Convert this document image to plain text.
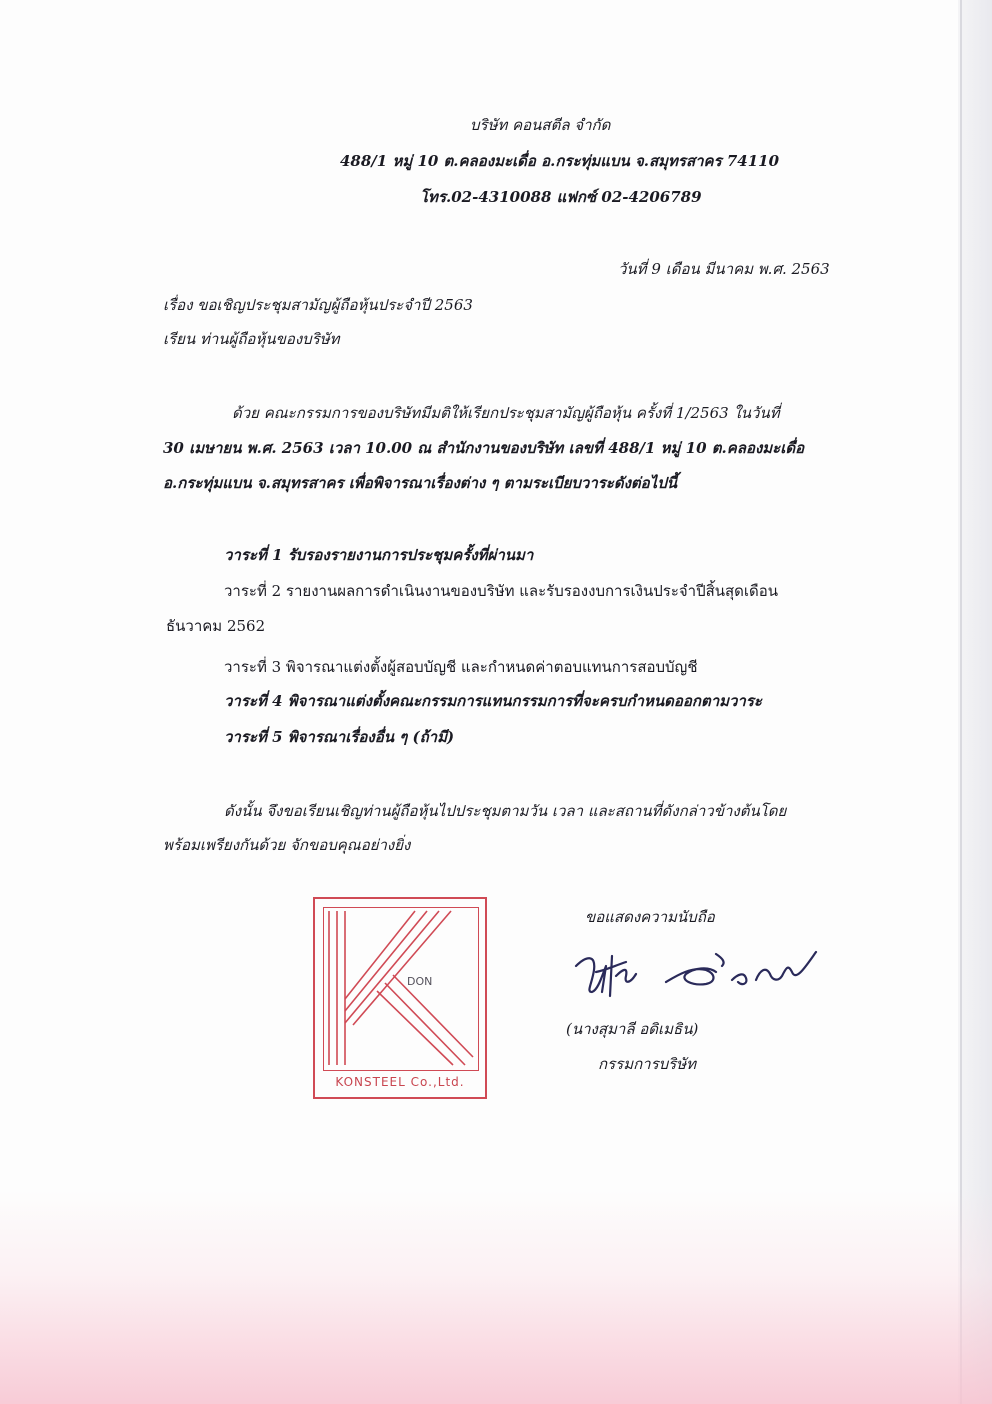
บริษัท คอนสตีล จำกัด
488/1 หมู่ 10 ต.คลองมะเดื่อ อ.กระทุ่มแบน จ.สมุทรสาคร 74110
โทร.02-4310088 แฟกซ์ 02-4206789
วันที่ 9 เดือน มีนาคม พ.ศ. 2563
เรื่อง ขอเชิญประชุมสามัญผู้ถือหุ้นประจำปี 2563
เรียน ท่านผู้ถือหุ้นของบริษัท
ด้วย คณะกรรมการของบริษัทมีมติให้เรียกประชุมสามัญผู้ถือหุ้น ครั้งที่ 1/2563 ในวันที่
30 เมษายน พ.ศ. 2563 เวลา 10.00 ณ สำนักงานของบริษัท เลขที่ 488/1 หมู่ 10 ต.คลองมะเดื่อ
อ.กระทุ่มแบน จ.สมุทรสาคร เพื่อพิจารณาเรื่องต่าง ๆ ตามระเบียบวาระดังต่อไปนี้
วาระที่ 1 รับรองรายงานการประชุมครั้งที่ผ่านมา
วาระที่ 2 รายงานผลการดำเนินงานของบริษัท และรับรองงบการเงินประจำปีสิ้นสุดเดือน
ธันวาคม 2562
วาระที่ 3 พิจารณาแต่งตั้งผู้สอบบัญชี และกำหนดค่าตอบแทนการสอบบัญชี
วาระที่ 4 พิจารณาแต่งตั้งคณะกรรมการแทนกรรมการที่จะครบกำหนดออกตามวาระ
วาระที่ 5 พิจารณาเรื่องอื่น ๆ (ถ้ามี)
ดังนั้น จึงขอเรียนเชิญท่านผู้ถือหุ้นไปประชุมตามวัน เวลา และสถานที่ดังกล่าวข้างต้นโดย
พร้อมเพรียงกันด้วย จักขอบคุณอย่างยิ่ง
DON
KONSTEEL Co.,Ltd.
ขอแสดงความนับถือ
(นางสุมาลี อดิเมธิน)
กรรมการบริษัท
